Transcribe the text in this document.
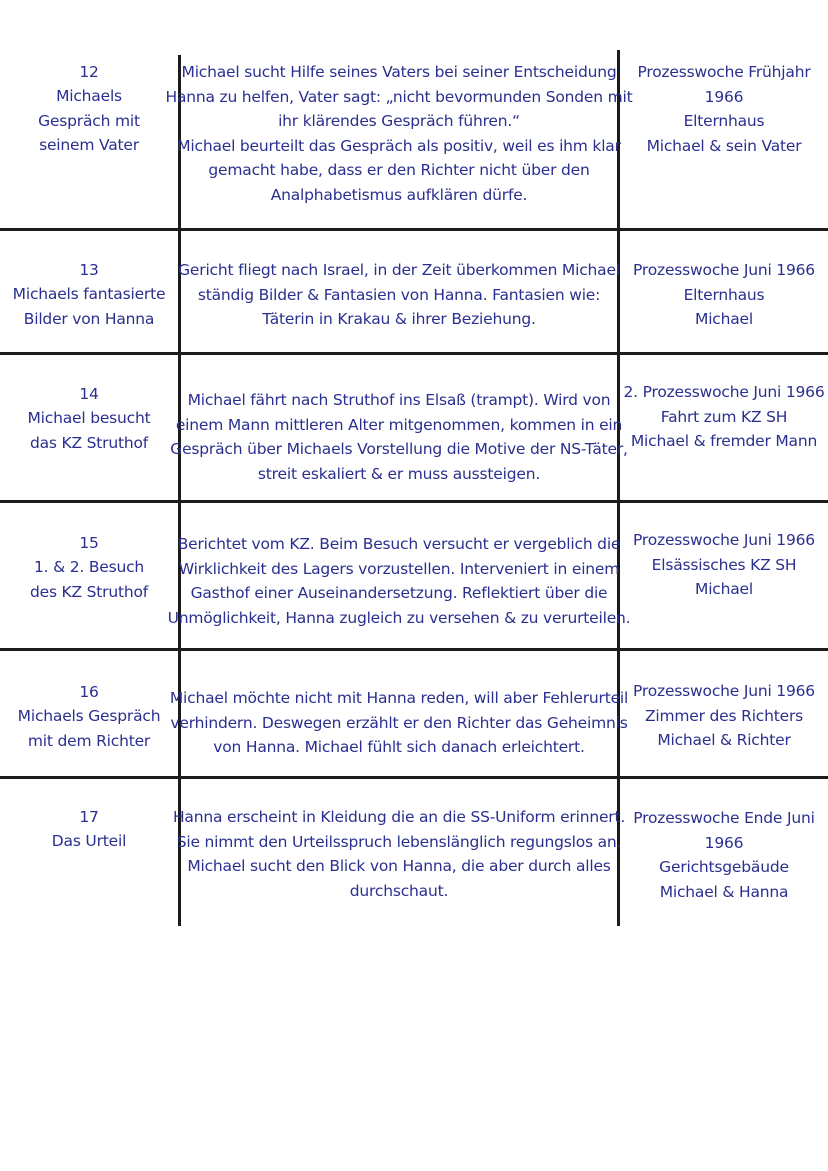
12
Michaels
Gespräch mit
seinem Vater
Michael sucht Hilfe seines Vaters bei seiner Entscheidung
Hanna zu helfen, Vater sagt: „nicht bevormunden Sonden mit
ihr klärendes Gespräch führen.“
Michael beurteilt das Gespräch als positiv, weil es ihm klar
gemacht habe, dass er den Richter nicht über den
Analphabetismus aufklären dürfe.
Prozesswoche Frühjahr
1966
Elternhaus
Michael & sein Vater
13
Michaels fantasierte
Bilder von Hanna
Gericht fliegt nach Israel, in der Zeit überkommen Michael
ständig Bilder & Fantasien von Hanna. Fantasien wie:
Täterin in Krakau & ihrer Beziehung.
Prozesswoche Juni 1966
Elternhaus
Michael
14
Michael besucht
das KZ Struthof
Michael fährt nach Struthof ins Elsaß (trampt). Wird von
einem Mann mittleren Alter mitgenommen, kommen in ein
Gespräch über Michaels Vorstellung die Motive der NS-Täter,
streit eskaliert & er muss aussteigen.
2. Prozesswoche Juni 1966
Fahrt zum KZ SH
Michael & fremder Mann
15
1. & 2. Besuch
des KZ Struthof
Berichtet vom KZ. Beim Besuch versucht er vergeblich die
Wirklichkeit des Lagers vorzustellen. Interveniert in einem
Gasthof einer Auseinandersetzung. Reflektiert über die
Unmöglichkeit, Hanna zugleich zu versehen & zu verurteilen.
Prozesswoche Juni 1966
Elsässisches KZ SH
Michael
16
Michaels Gespräch
mit dem Richter
Michael möchte nicht mit Hanna reden, will aber Fehlerurteil
verhindern. Deswegen erzählt er den Richter das Geheimnis
von Hanna. Michael fühlt sich danach erleichtert.
Prozesswoche Juni 1966
Zimmer des Richters
Michael & Richter
17
Das Urteil
Hanna erscheint in Kleidung die an die SS-Uniform erinnert.
Sie nimmt den Urteilsspruch lebenslänglich regungslos an.
Michael sucht den Blick von Hanna, die aber durch alles
durchschaut.
Prozesswoche Ende Juni
1966
Gerichtsgebäude
Michael & Hanna
